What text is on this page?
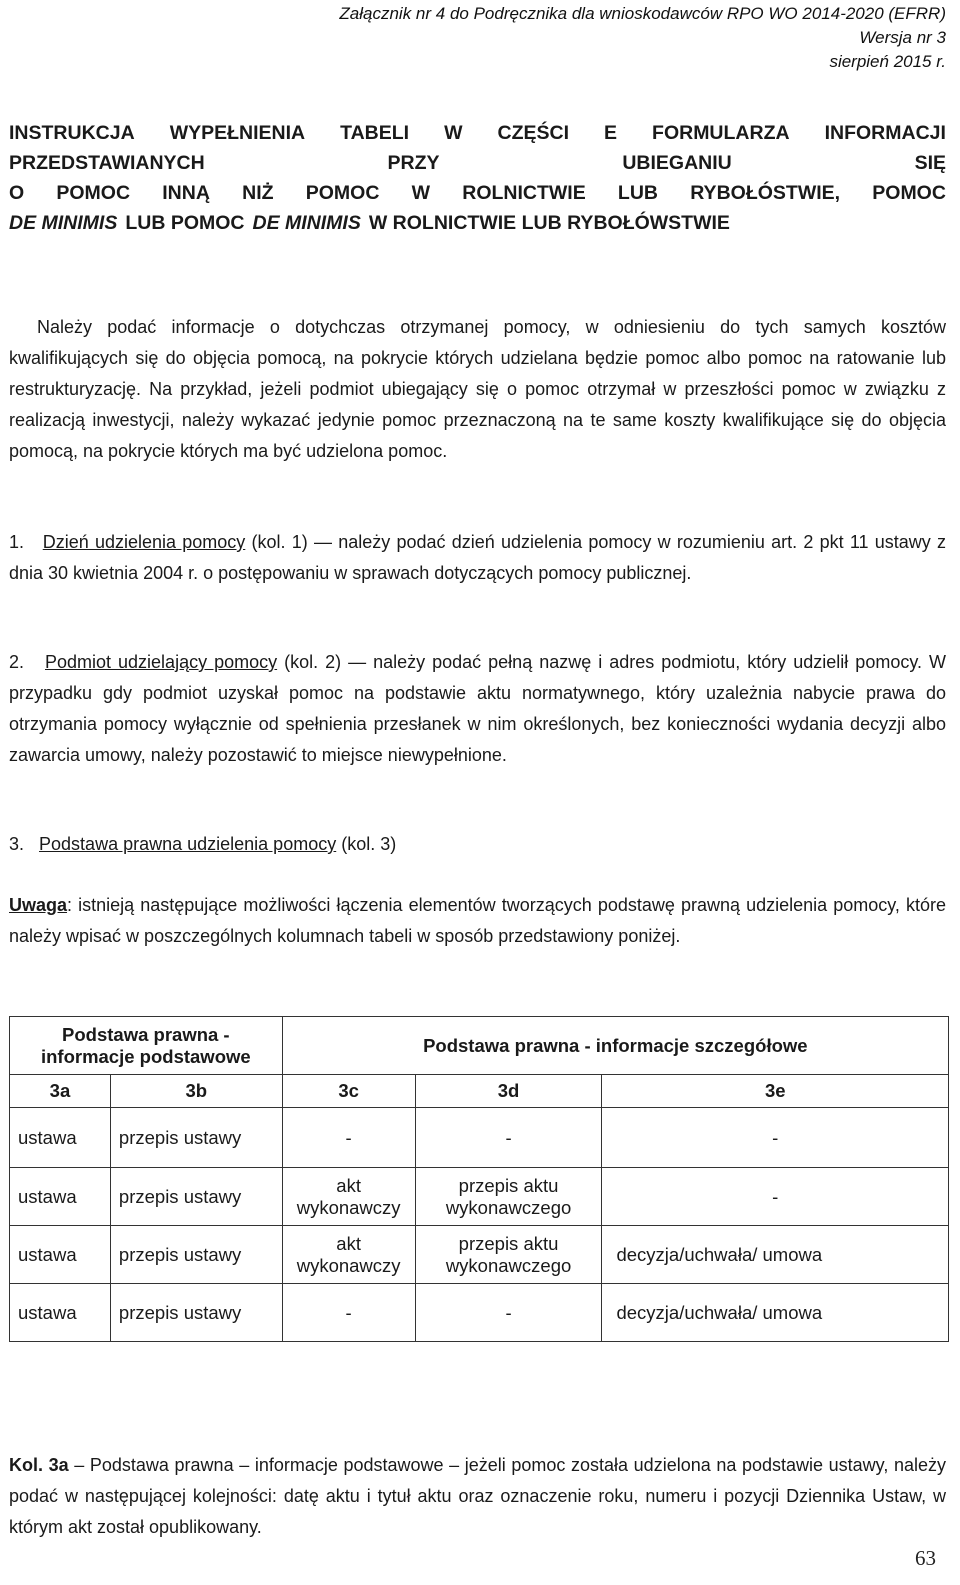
Załącznik nr 4 do Podręcznika dla wnioskodawców RPO WO 2014-2020 (EFRR)
Wersja nr 3
sierpień 2015 r.
INSTRUKCJA WYPEŁNIENIA TABELI W CZĘŚCI E FORMULARZA INFORMACJI
PRZEDSTAWIANYCH	PRZY	UBIEGANIU	SIĘ
O POMOC INNĄ NIŻ POMOC W ROLNICTWIE LUB RYBOŁÓSTWIE, POMOC
DE MINIMIS LUB POMOC DE MINIMIS W ROLNICTWIE LUB RYBOŁÓWSTWIE
Należy podać informacje o dotychczas otrzymanej pomocy, w odniesieniu do tych samych kosztów kwalifikujących się do objęcia pomocą, na pokrycie których udzielana będzie pomoc albo pomoc na ratowanie lub restrukturyzację. Na przykład, jeżeli podmiot ubiegający się o pomoc otrzymał w przeszłości pomoc w związku z realizacją inwestycji, należy wykazać jedynie pomoc przeznaczoną na te same koszty kwalifikujące się do objęcia pomocą, na pokrycie których ma być udzielona pomoc.
1. Dzień udzielenia pomocy (kol. 1) — należy podać dzień udzielenia pomocy w rozumieniu art. 2 pkt 11 ustawy z dnia 30 kwietnia 2004 r. o postępowaniu w sprawach dotyczących pomocy publicznej.
2. Podmiot udzielający pomocy (kol. 2) — należy podać pełną nazwę i adres podmiotu, który udzielił pomocy. W przypadku gdy podmiot uzyskał pomoc na podstawie aktu normatywnego, który uzależnia nabycie prawa do otrzymania pomocy wyłącznie od spełnienia przesłanek w nim określonych, bez konieczności wydania decyzji albo zawarcia umowy, należy pozostawić to miejsce niewypełnione.
3. Podstawa prawna udzielenia pomocy (kol. 3)
Uwaga: istnieją następujące możliwości łączenia elementów tworzących podstawę prawną udzielenia pomocy, które należy wpisać w poszczególnych kolumnach tabeli w sposób przedstawiony poniżej.
Podstawa prawna - informacje podstawowe		Podstawa prawna - informacje szczegółowe		
3a	3b	3c	3d	3e
ustawa	przepis ustawy	-	-	-
ustawa	przepis ustawy	akt wykonawczy	przepis aktu wykonawczego	-
ustawa	przepis ustawy	akt wykonawczy	przepis aktu wykonawczego	decyzja/uchwała/ umowa
ustawa	przepis ustawy	-	-	decyzja/uchwała/ umowa
Kol. 3a – Podstawa prawna – informacje podstawowe – jeżeli pomoc została udzielona na podstawie ustawy, należy podać w następującej kolejności: datę aktu i tytuł aktu oraz oznaczenie roku, numeru i pozycji Dziennika Ustaw, w którym akt został opublikowany.
63
